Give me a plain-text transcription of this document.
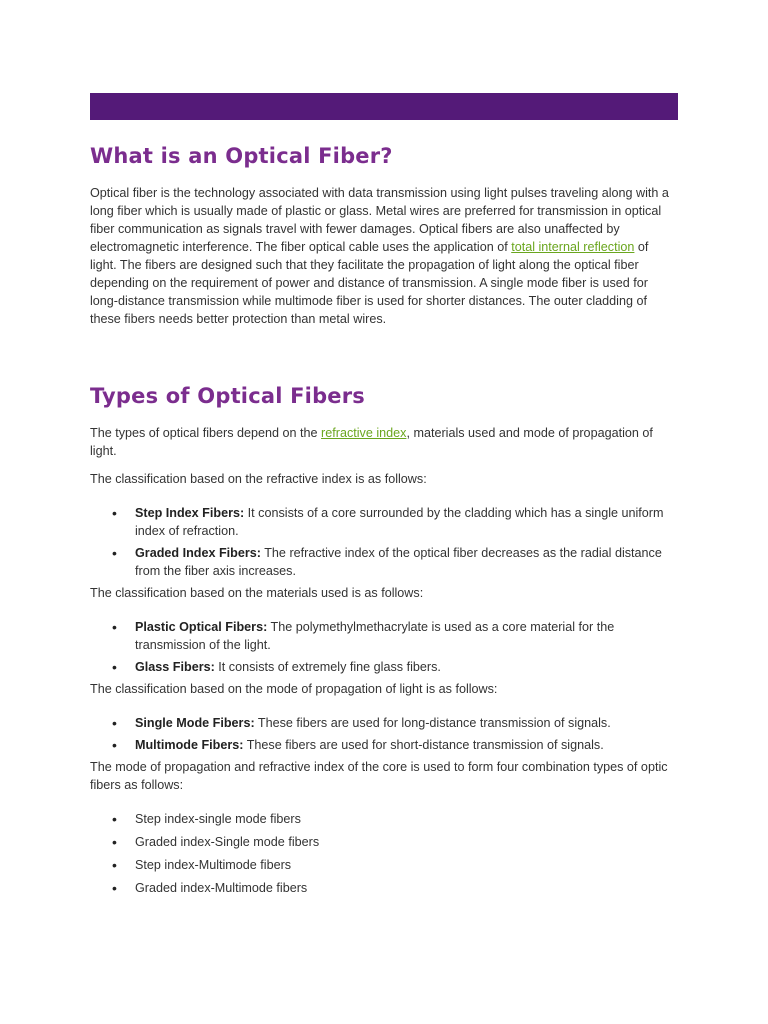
What is an Optical Fiber?

Optical fiber is the technology associated with data transmission using light pulses traveling along with a long fiber which is usually made of plastic or glass. Metal wires are preferred for transmission in optical fiber communication as signals travel with fewer damages. Optical fibers are also unaffected by electromagnetic interference. The fiber optical cable uses the application of total internal reflection of light. The fibers are designed such that they facilitate the propagation of light along the optical fiber depending on the requirement of power and distance of transmission. A single mode fiber is used for long-distance transmission while multimode fiber is used for shorter distances. The outer cladding of these fibers needs better protection than metal wires.

Types of Optical Fibers

The types of optical fibers depend on the refractive index, materials used and mode of propagation of light.

The classification based on the refractive index is as follows:

• Step Index Fibers: It consists of a core surrounded by the cladding which has a single uniform index of refraction.
• Graded Index Fibers: The refractive index of the optical fiber decreases as the radial distance from the fiber axis increases.

The classification based on the materials used is as follows:

• Plastic Optical Fibers: The polymethylmethacrylate is used as a core material for the transmission of the light.
• Glass Fibers: It consists of extremely fine glass fibers.

The classification based on the mode of propagation of light is as follows:

• Single Mode Fibers: These fibers are used for long-distance transmission of signals.
• Multimode Fibers: These fibers are used for short-distance transmission of signals.

The mode of propagation and refractive index of the core is used to form four combination types of optic fibers as follows:

• Step index-single mode fibers
• Graded index-Single mode fibers
• Step index-Multimode fibers
• Graded index-Multimode fibers
